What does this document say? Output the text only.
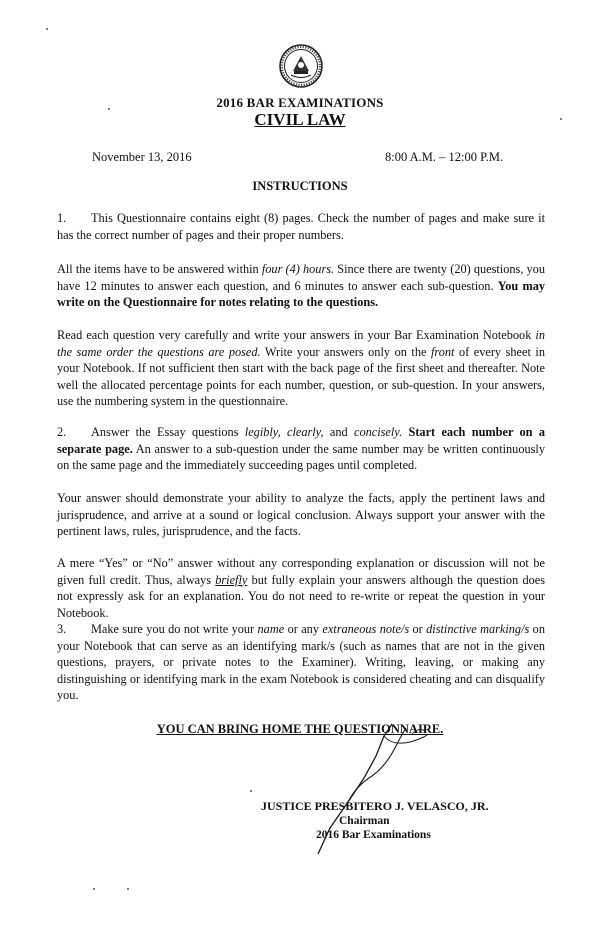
2016 BAR EXAMINATIONS
CIVIL LAW
November 13, 2016	8:00 A.M. – 12:00 P.M.
INSTRUCTIONS
1. This Questionnaire contains eight (8) pages. Check the number of pages and make sure it has the correct number of pages and their proper numbers.
All the items have to be answered within four (4) hours. Since there are twenty (20) questions, you have 12 minutes to answer each question, and 6 minutes to answer each sub-question. You may write on the Questionnaire for notes relating to the questions.
Read each question very carefully and write your answers in your Bar Examination Notebook in the same order the questions are posed. Write your answers only on the front of every sheet in your Notebook. If not sufficient then start with the back page of the first sheet and thereafter. Note well the allocated percentage points for each number, question, or sub-question. In your answers, use the numbering system in the questionnaire.
2. Answer the Essay questions legibly, clearly, and concisely. Start each number on a separate page. An answer to a sub-question under the same number may be written continuously on the same page and the immediately succeeding pages until completed.
Your answer should demonstrate your ability to analyze the facts, apply the pertinent laws and jurisprudence, and arrive at a sound or logical conclusion. Always support your answer with the pertinent laws, rules, jurisprudence, and the facts.
A mere “Yes” or “No” answer without any corresponding explanation or discussion will not be given full credit. Thus, always briefly but fully explain your answers although the question does not expressly ask for an explanation. You do not need to re-write or repeat the question in your Notebook.
3. Make sure you do not write your name or any extraneous note/s or distinctive marking/s on your Notebook that can serve as an identifying mark/s (such as names that are not in the given questions, prayers, or private notes to the Examiner). Writing, leaving, or making any distinguishing or identifying mark in the exam Notebook is considered cheating and can disqualify you.
YOU CAN BRING HOME THE QUESTIONNAIRE.
JUSTICE PRESBITERO J. VELASCO, JR.
Chairman
2016 Bar Examinations
